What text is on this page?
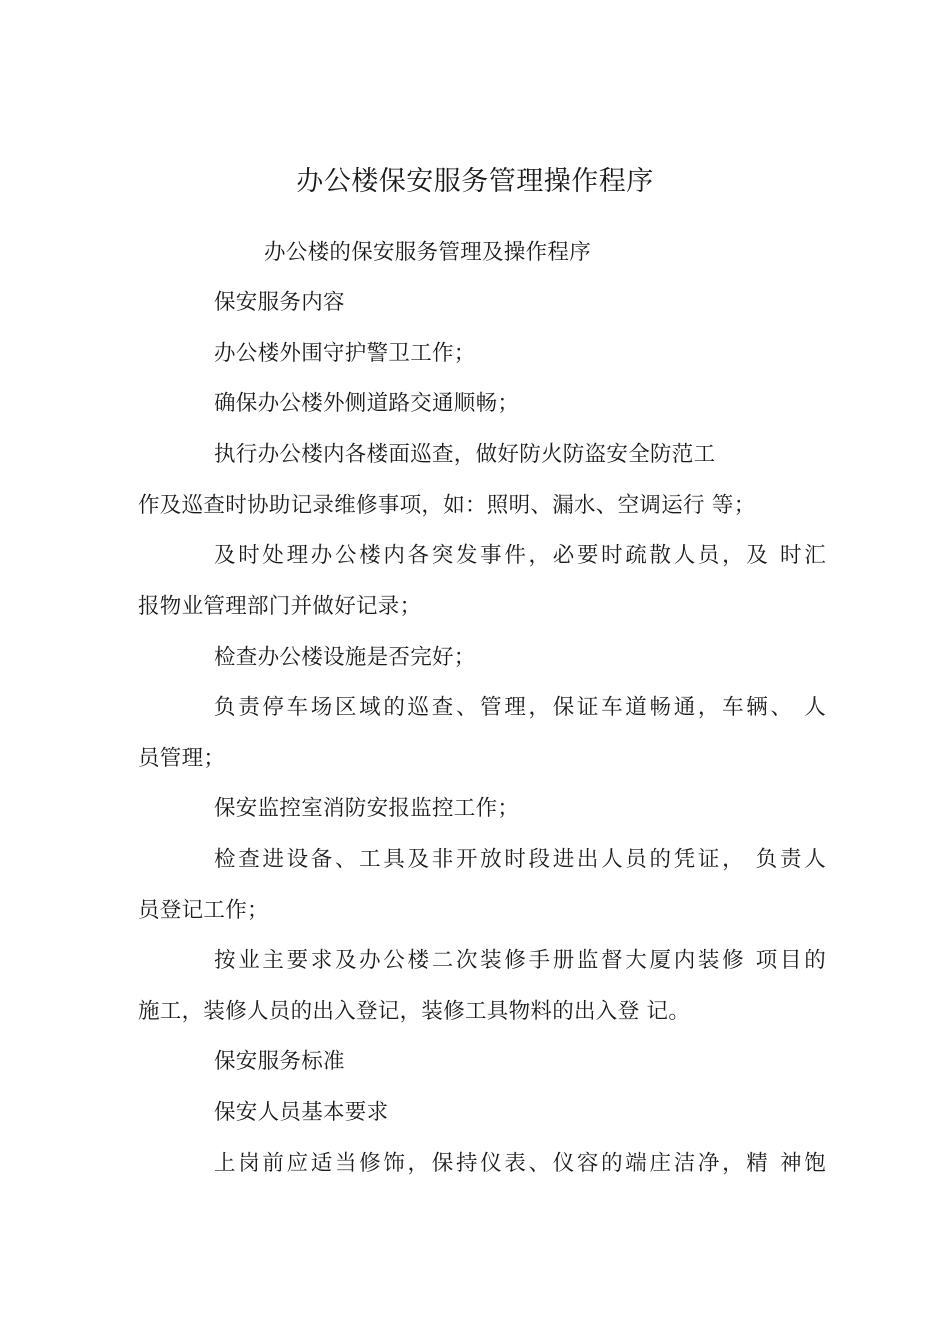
办公楼保安服务管理操作程序
办公楼的保安服务管理及操作程序
保安服务内容
办公楼外围守护警卫工作；
确保办公楼外侧道路交通顺畅；
执行办公楼内各楼面巡查，做好防火防盗安全防范工
作及巡查时协助记录维修事项，如：照明、漏水、空调运行 等；
及时处理办公楼内各突发事件，必要时疏散人员，及 时汇
报物业管理部门并做好记录；
检查办公楼设施是否完好；
负责停车场区域的巡查、管理，保证车道畅通，车辆、 人
员管理；
保安监控室消防安报监控工作；
检查进设备、工具及非开放时段进出人员的凭证， 负责人
员登记工作；
按业主要求及办公楼二次装修手册监督大厦内装修 项目的
施工，装修人员的出入登记，装修工具物料的出入登 记。
保安服务标准
保安人员基本要求
上岗前应适当修饰，保持仪表、仪容的端庄洁净，精 神饱
